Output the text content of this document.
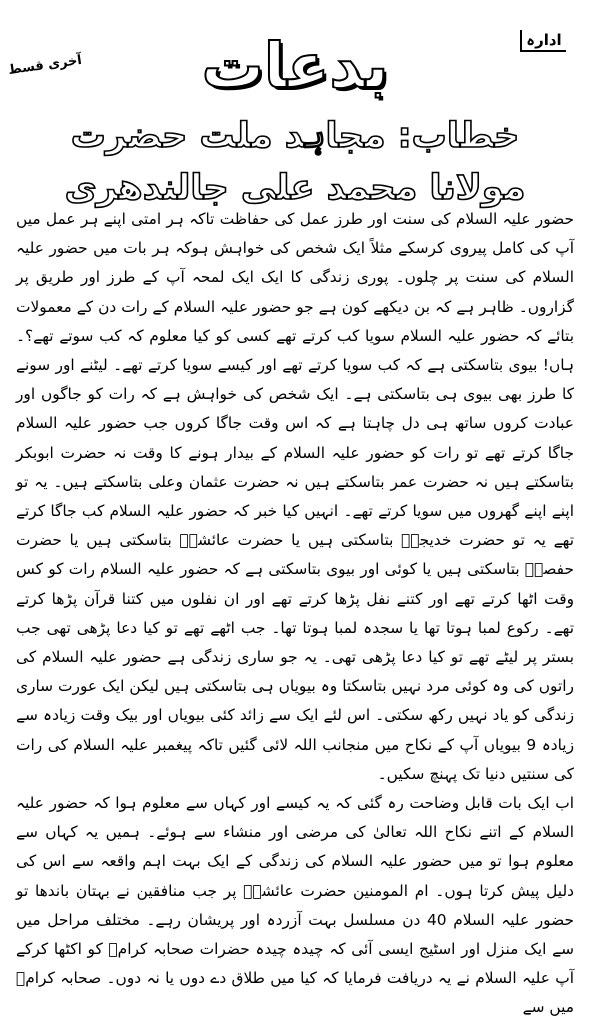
ادارہ
آخری قسط	بدعات
خطاب: مجاہد ملت حضرت مولانا محمد علی جالندھری

حضور علیہ السلام کی سنت اور طرز عمل کی حفاظت تاکہ ہر امتی اپنے ہر عمل میں آپ کی کامل پیروی کرسکے مثلاً ایک شخص کی خواہش ہوکہ ہر بات میں حضور علیہ السلام کی سنت پر چلوں۔ پوری زندگی کا ایک ایک لمحہ آپ کے طرز اور طریق پر گزاروں۔ ظاہر ہے کہ بن دیکھے کون ہے جو حضور علیہ السلام کے رات دن کے معمولات بتائے کہ حضور علیہ السلام سویا کب کرتے تھے کسی کو کیا معلوم کہ کب سوتے تھے؟۔ہاں! بیوی بتاسکتی ہے کہ کب سویا کرتے تھے اور کیسے سویا کرتے تھے۔ لیٹنے اور سونے کا طرز بھی بیوی ہی بتاسکتی ہے۔ ایک شخص کی خواہش ہے کہ رات کو جاگوں اور عبادت کروں ساتھ ہی دل چاہتا ہے کہ اس وقت جاگا کروں جب حضور علیہ السلام جاگا کرتے تھے تو رات کو حضور علیہ السلام کے بیدار ہونے کا وقت نہ حضرت ابوبکر بتاسکتے ہیں نہ حضرت عمر بتاسکتے ہیں نہ حضرت عثمان وعلی بتاسکتے ہیں۔ یہ تو اپنے اپنے گھروں میں سویا کرتے تھے۔ انہیں کیا خبر کہ حضور علیہ السلام کب جاگا کرتے تھے یہ تو حضرت خدیجہؓ بتاسکتی ہیں یا حضرت عائشہؓ بتاسکتی ہیں یا حضرت حفصہؓ بتاسکتی ہیں یا کوئی اور بیوی بتاسکتی ہے کہ حضور علیہ السلام رات کو کس وقت اٹھا کرتے تھے اور کتنے نفل پڑھا کرتے تھے اور ان نفلوں میں کتنا قرآن پڑھا کرتے تھے۔ رکوع لمبا ہوتا تھا یا سجدہ لمبا ہوتا تھا۔ جب اٹھے تھے تو کیا دعا پڑھی تھی جب بستر پر لیٹے تھے تو کیا دعا پڑھی تھی۔ یہ جو ساری زندگی ہے حضور علیہ السلام کی راتوں کی وہ کوئی مرد نہیں بتاسکتا وہ بیویاں ہی بتاسکتی ہیں لیکن ایک عورت ساری زندگی کو یاد نہیں رکھ سکتی۔ اس لئے ایک سے زائد کئی بیویاں اور بیک وقت زیادہ سے زیادہ 9 بیویاں آپ کے نکاح میں منجانب اللہ لائی گئیں تاکہ پیغمبر علیہ السلام کی رات کی سنتیں دنیا تک پہنچ سکیں۔

اب ایک بات قابل وضاحت رہ گئی کہ یہ کیسے اور کہاں سے معلوم ہوا کہ حضور علیہ السلام کے اتنے نکاح اللہ تعالیٰ کی مرضی اور منشاء سے ہوئے۔ ہمیں یہ کہاں سے معلوم ہوا تو میں حضور علیہ السلام کی زندگی کے ایک بہت اہم واقعہ سے اس کی دلیل پیش کرتا ہوں۔ ام المومنین حضرت عائشہؓ پر جب منافقین نے بہتان باندھا تو حضور علیہ السلام 40 دن مسلسل بہت آزردہ اور پریشان رہے۔ مختلف مراحل میں سے ایک منزل اور اسٹیج ایسی آئی کہ چیدہ چیدہ حضرات صحابہ کرامؓ کو اکٹھا کرکے آپ علیہ السلام نے یہ دریافت فرمایا کہ کیا میں طلاق دے دوں یا نہ دوں۔ صحابہ کرامؓ میں سے
